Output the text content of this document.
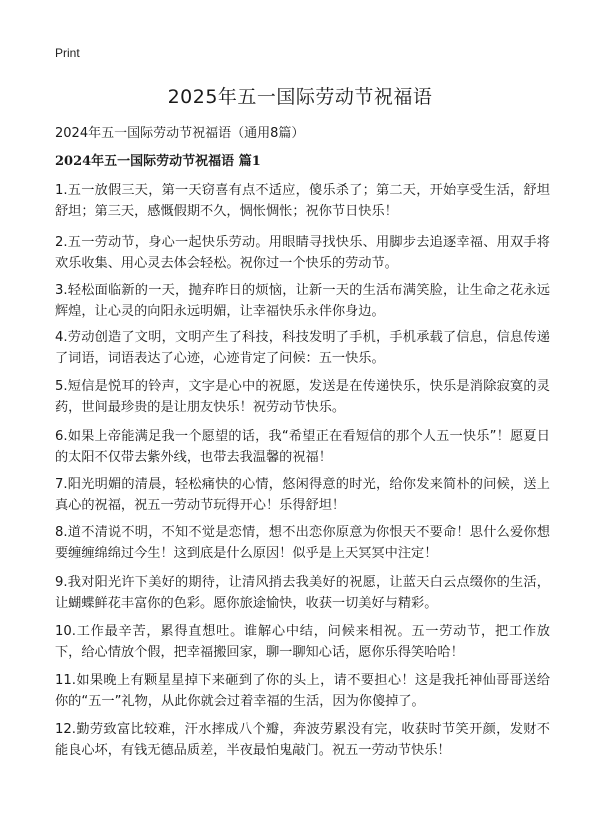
Print
2025年五一国际劳动节祝福语

2024年五一国际劳动节祝福语（通用8篇）

2024年五一国际劳动节祝福语 篇1

1.五一放假三天，第一天窃喜有点不适应，傻乐杀了；第二天，开始享受生活，舒坦舒坦；第三天，感慨假期不久，惆怅惆怅；祝你节日快乐！

2.五一劳动节，身心一起快乐劳动。用眼睛寻找快乐、用脚步去追逐幸福、用双手将欢乐收集、用心灵去体会轻松。祝你过一个快乐的劳动节。

3.轻松面临新的一天，抛弃昨日的烦恼，让新一天的生活布满笑脸，让生命之花永远辉煌，让心灵的向阳永远明媚，让幸福快乐永伴你身边。

4.劳动创造了文明，文明产生了科技，科技发明了手机，手机承载了信息，信息传递了词语，词语表达了心迹，心迹肯定了问候：五一快乐。

5.短信是悦耳的铃声，文字是心中的祝愿，发送是在传递快乐，快乐是消除寂寞的灵药，世间最珍贵的是让朋友快乐！祝劳动节快乐。

6.如果上帝能满足我一个愿望的话，我“希望正在看短信的那个人五一快乐”！愿夏日的太阳不仅带去紫外线，也带去我温馨的祝福！

7.阳光明媚的清晨，轻松痛快的心情，悠闲得意的时光，给你发来简朴的问候，送上真心的祝福，祝五一劳动节玩得开心！乐得舒坦！

8.道不清说不明，不知不觉是恋情，想不出恋你原意为你恨天不要命！思什么爱你想要缠缠绵绵过今生！这到底是什么原因！似乎是上天冥冥中注定！

9.我对阳光许下美好的期待，让清风捎去我美好的祝愿，让蓝天白云点缀你的生活，让蝴蝶鲜花丰富你的色彩。愿你旅途愉快，收获一切美好与精彩。

10.工作最辛苦，累得直想吐。谁解心中结，问候来相祝。五一劳动节，把工作放下，给心情放个假，把幸福搬回家，聊一聊知心话，愿你乐得笑哈哈！

11.如果晚上有颗星星掉下来砸到了你的头上，请不要担心！这是我托神仙哥哥送给你的“五一”礼物，从此你就会过着幸福的生活，因为你傻掉了。

12.勤劳致富比较难，汗水摔成八个瓣，奔波劳累没有完，收获时节笑开颜，发财不能良心坏，有钱无德品质差，半夜最怕鬼敲门。祝五一劳动节快乐！
